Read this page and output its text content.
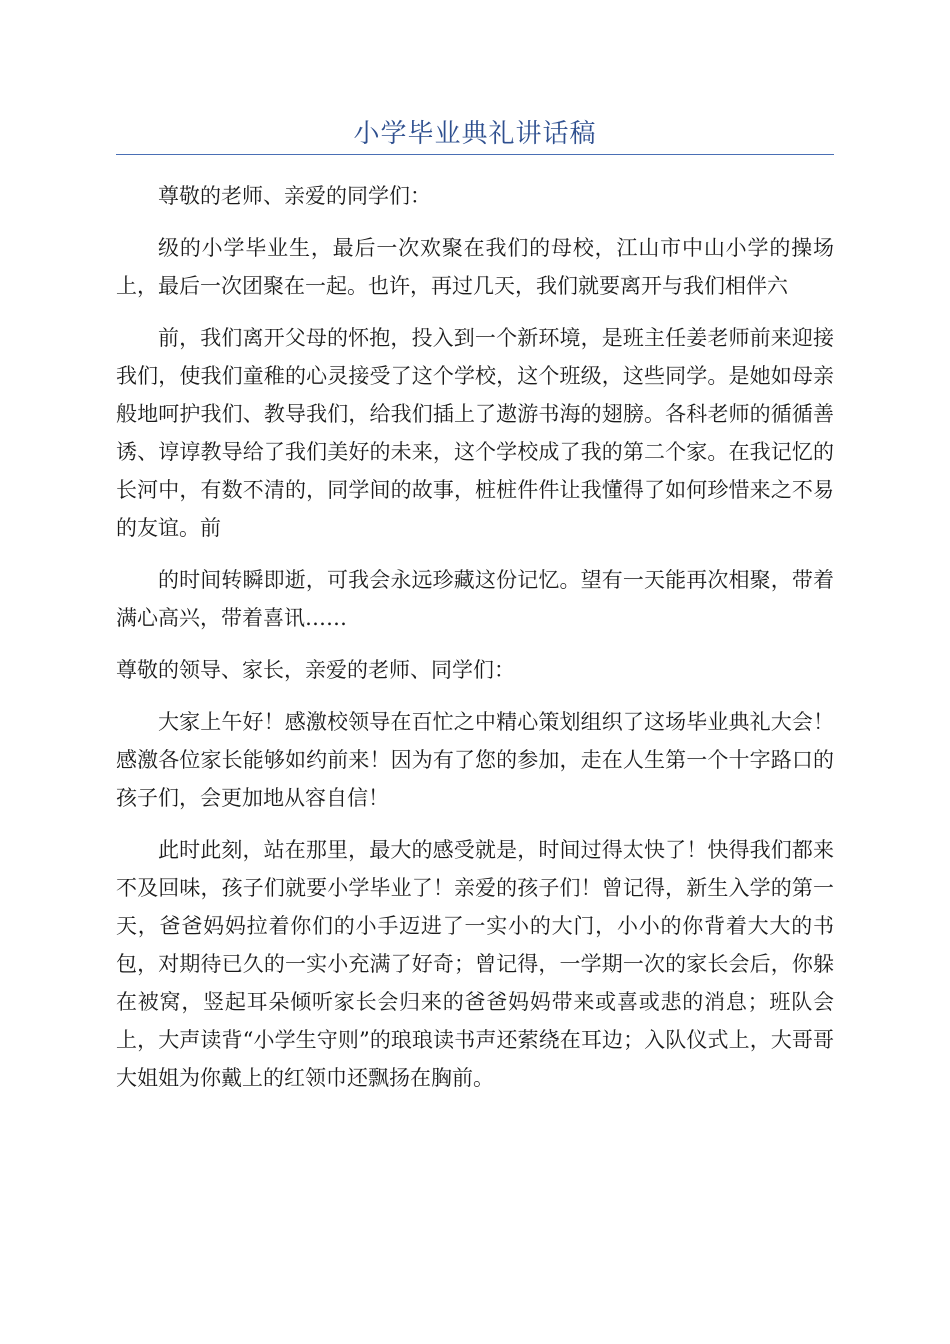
小学毕业典礼讲话稿

尊敬的老师、亲爱的同学们：

级的小学毕业生，最后一次欢聚在我们的母校，江山市中山小学的操场上，最后一次团聚在一起。也许，再过几天，我们就要离开与我们相伴六

前，我们离开父母的怀抱，投入到一个新环境，是班主任姜老师前来迎接我们，使我们童稚的心灵接受了这个学校，这个班级，这些同学。是她如母亲般地呵护我们、教导我们，给我们插上了遨游书海的翅膀。各科老师的循循善诱、谆谆教导给了我们美好的未来，这个学校成了我的第二个家。在我记忆的长河中，有数不清的，同学间的故事，桩桩件件让我懂得了如何珍惜来之不易的友谊。前

的时间转瞬即逝，可我会永远珍藏这份记忆。望有一天能再次相聚，带着满心高兴，带着喜讯……

尊敬的领导、家长，亲爱的老师、同学们：

大家上午好！感激校领导在百忙之中精心策划组织了这场毕业典礼大会！感激各位家长能够如约前来！因为有了您的参加，走在人生第一个十字路口的孩子们，会更加地从容自信！

此时此刻，站在那里，最大的感受就是，时间过得太快了！快得我们都来不及回味，孩子们就要小学毕业了！亲爱的孩子们！曾记得，新生入学的第一天，爸爸妈妈拉着你们的小手迈进了一实小的大门，小小的你背着大大的书包，对期待已久的一实小充满了好奇；曾记得，一学期一次的家长会后，你躲在被窝，竖起耳朵倾听家长会归来的爸爸妈妈带来或喜或悲的消息；班队会上，大声读背“小学生守则”的琅琅读书声还萦绕在耳边；入队仪式上，大哥哥大姐姐为你戴上的红领巾还飘扬在胸前。
